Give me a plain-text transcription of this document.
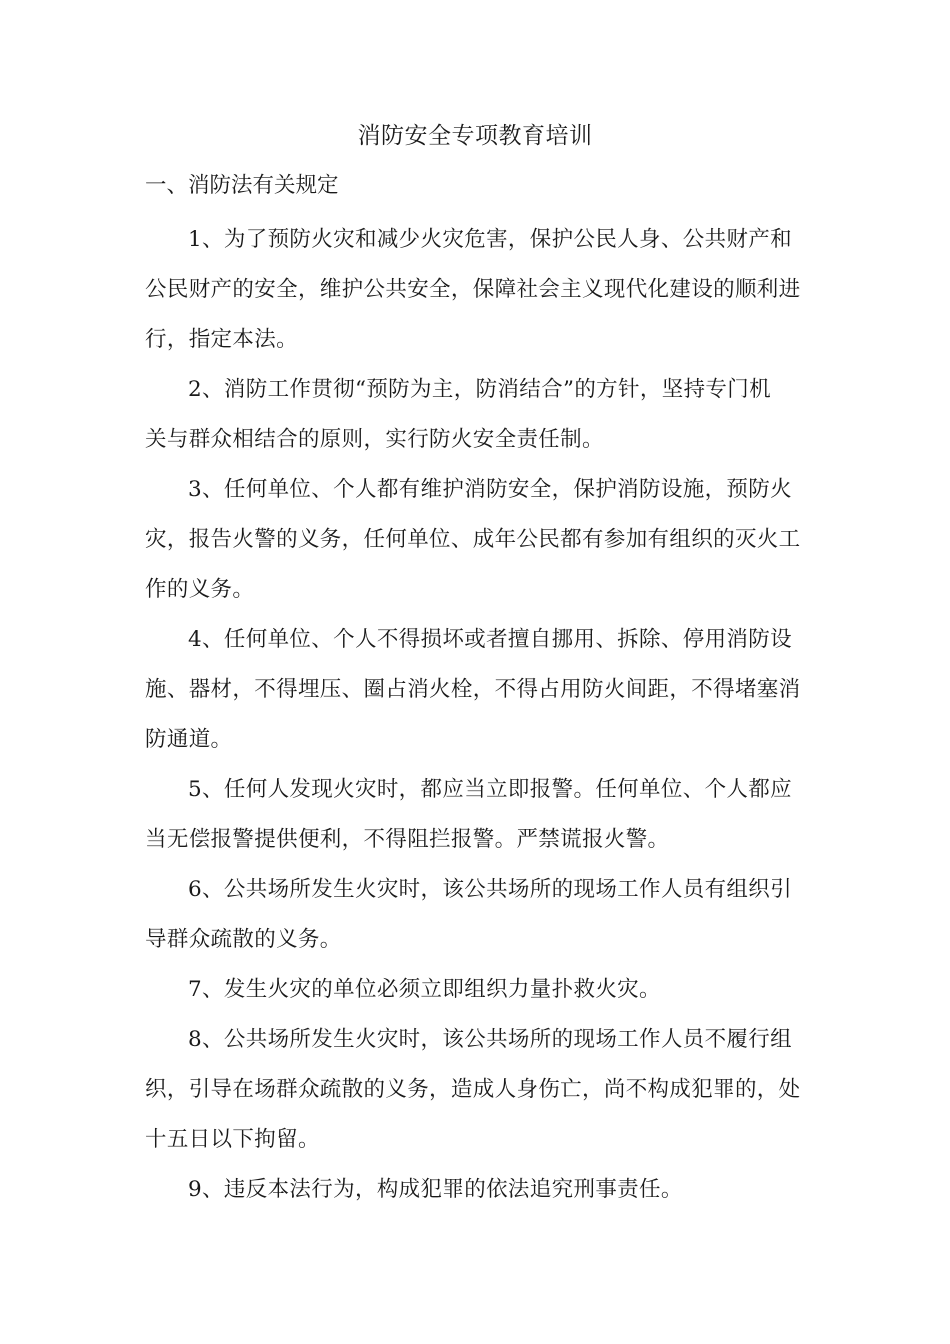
消防安全专项教育培训
一、消防法有关规定
1、为了预防火灾和减少火灾危害，保护公民人身、公共财产和
公民财产的安全，维护公共安全，保障社会主义现代化建设的顺利进
行，指定本法。
2、消防工作贯彻“预防为主，防消结合”的方针，坚持专门机
关与群众相结合的原则，实行防火安全责任制。
3、任何单位、个人都有维护消防安全，保护消防设施，预防火
灾，报告火警的义务，任何单位、成年公民都有参加有组织的灭火工
作的义务。
4、任何单位、个人不得损坏或者擅自挪用、拆除、停用消防设
施、器材，不得埋压、圈占消火栓，不得占用防火间距，不得堵塞消
防通道。
5、任何人发现火灾时，都应当立即报警。任何单位、个人都应
当无偿报警提供便利，不得阻拦报警。严禁谎报火警。
6、公共场所发生火灾时，该公共场所的现场工作人员有组织引
导群众疏散的义务。
7、发生火灾的单位必须立即组织力量扑救火灾。
8、公共场所发生火灾时，该公共场所的现场工作人员不履行组
织，引导在场群众疏散的义务，造成人身伤亡，尚不构成犯罪的，处
十五日以下拘留。
9、违反本法行为，构成犯罪的依法追究刑事责任。
